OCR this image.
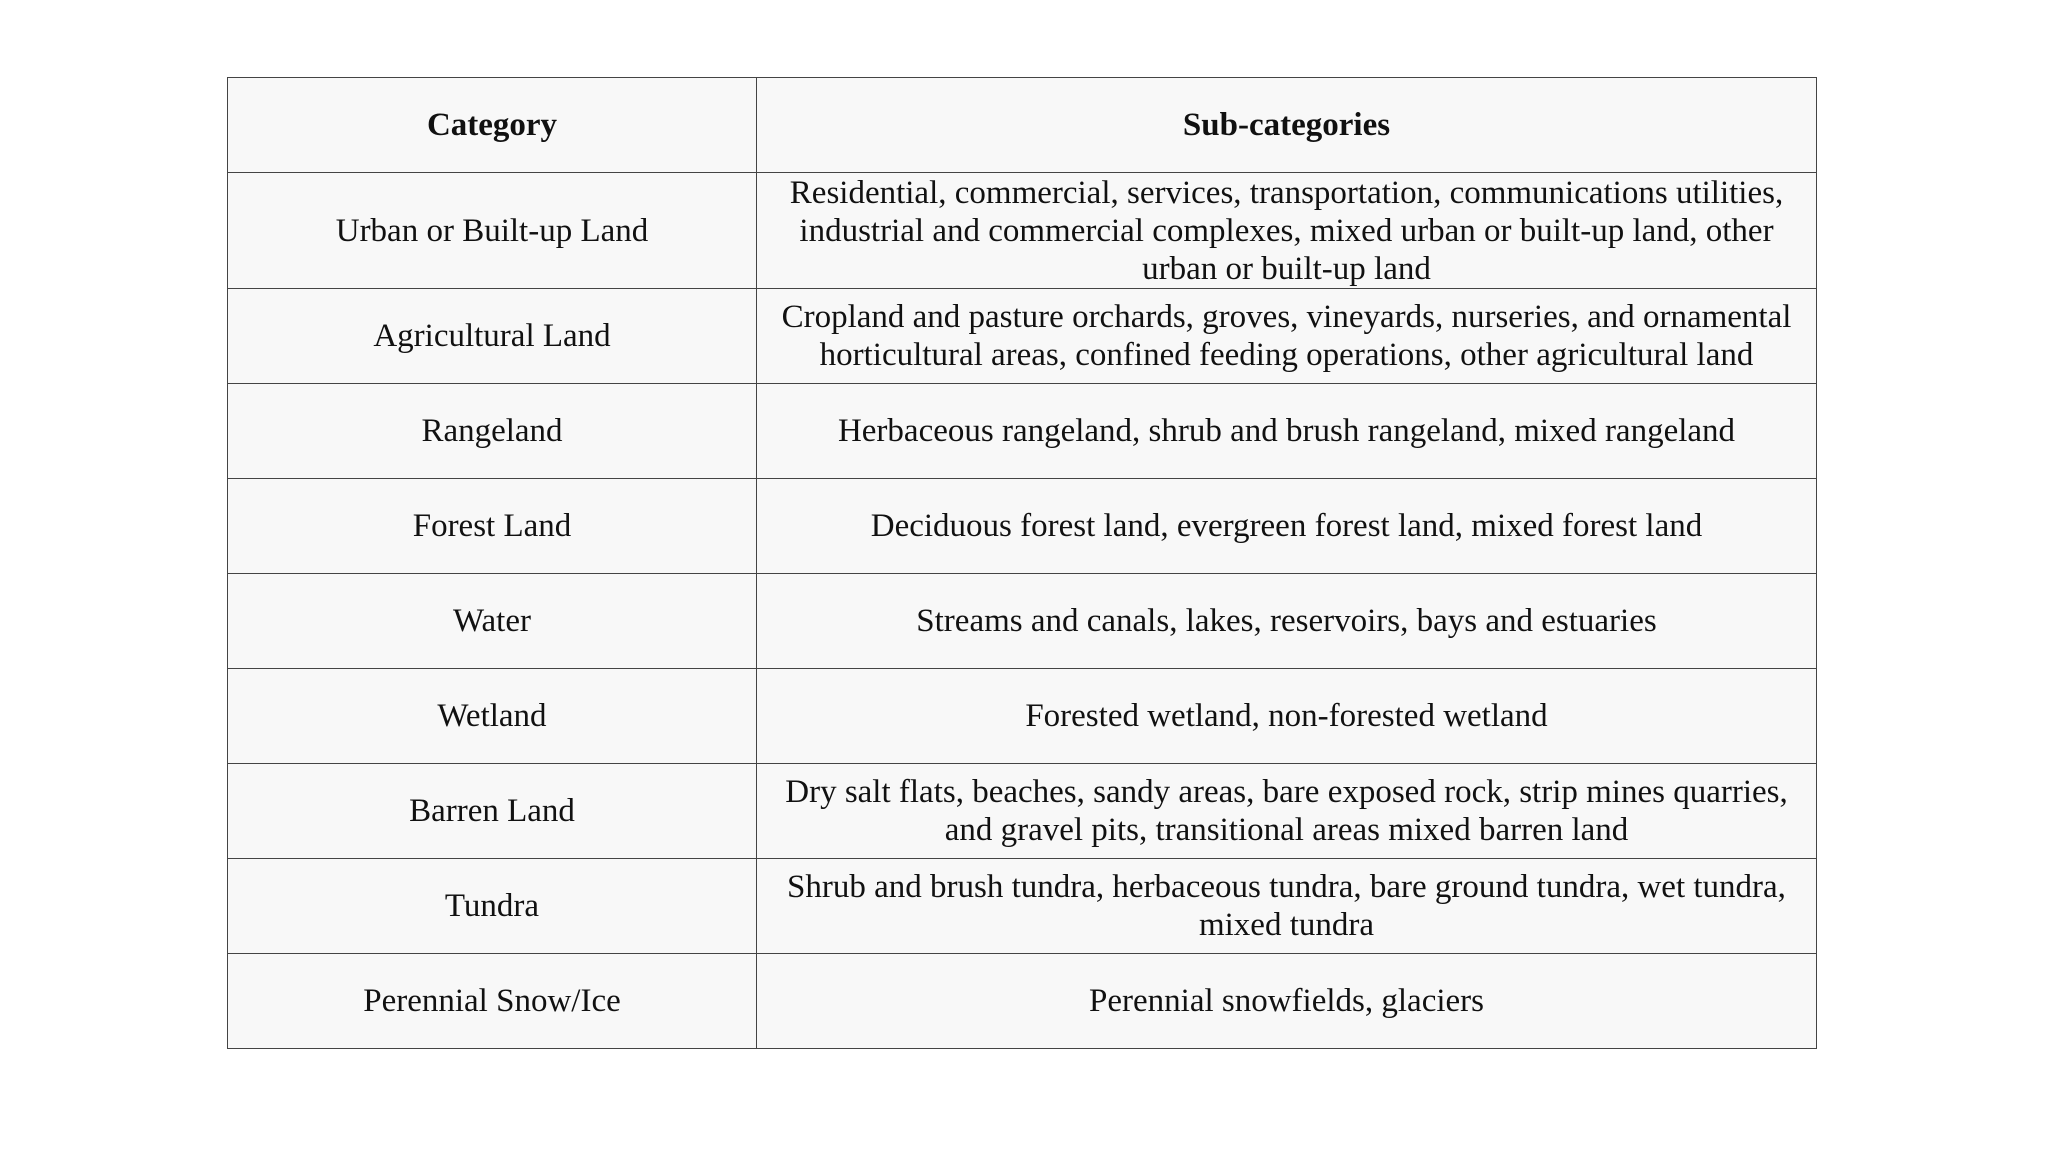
Category	Sub-categories
Urban or Built-up Land	Residential, commercial, services, transportation, communications utilities, industrial and commercial complexes, mixed urban or built-up land, other urban or built-up land
Agricultural Land	Cropland and pasture orchards, groves, vineyards, nurseries, and ornamental horticultural areas, confined feeding operations, other agricultural land
Rangeland	Herbaceous rangeland, shrub and brush rangeland, mixed rangeland
Forest Land	Deciduous forest land, evergreen forest land, mixed forest land
Water	Streams and canals, lakes, reservoirs, bays and estuaries
Wetland	Forested wetland, non-forested wetland
Barren Land	Dry salt flats, beaches, sandy areas, bare exposed rock, strip mines quarries, and gravel pits, transitional areas mixed barren land
Tundra	Shrub and brush tundra, herbaceous tundra, bare ground tundra, wet tundra, mixed tundra
Perennial Snow/Ice	Perennial snowfields, glaciers
